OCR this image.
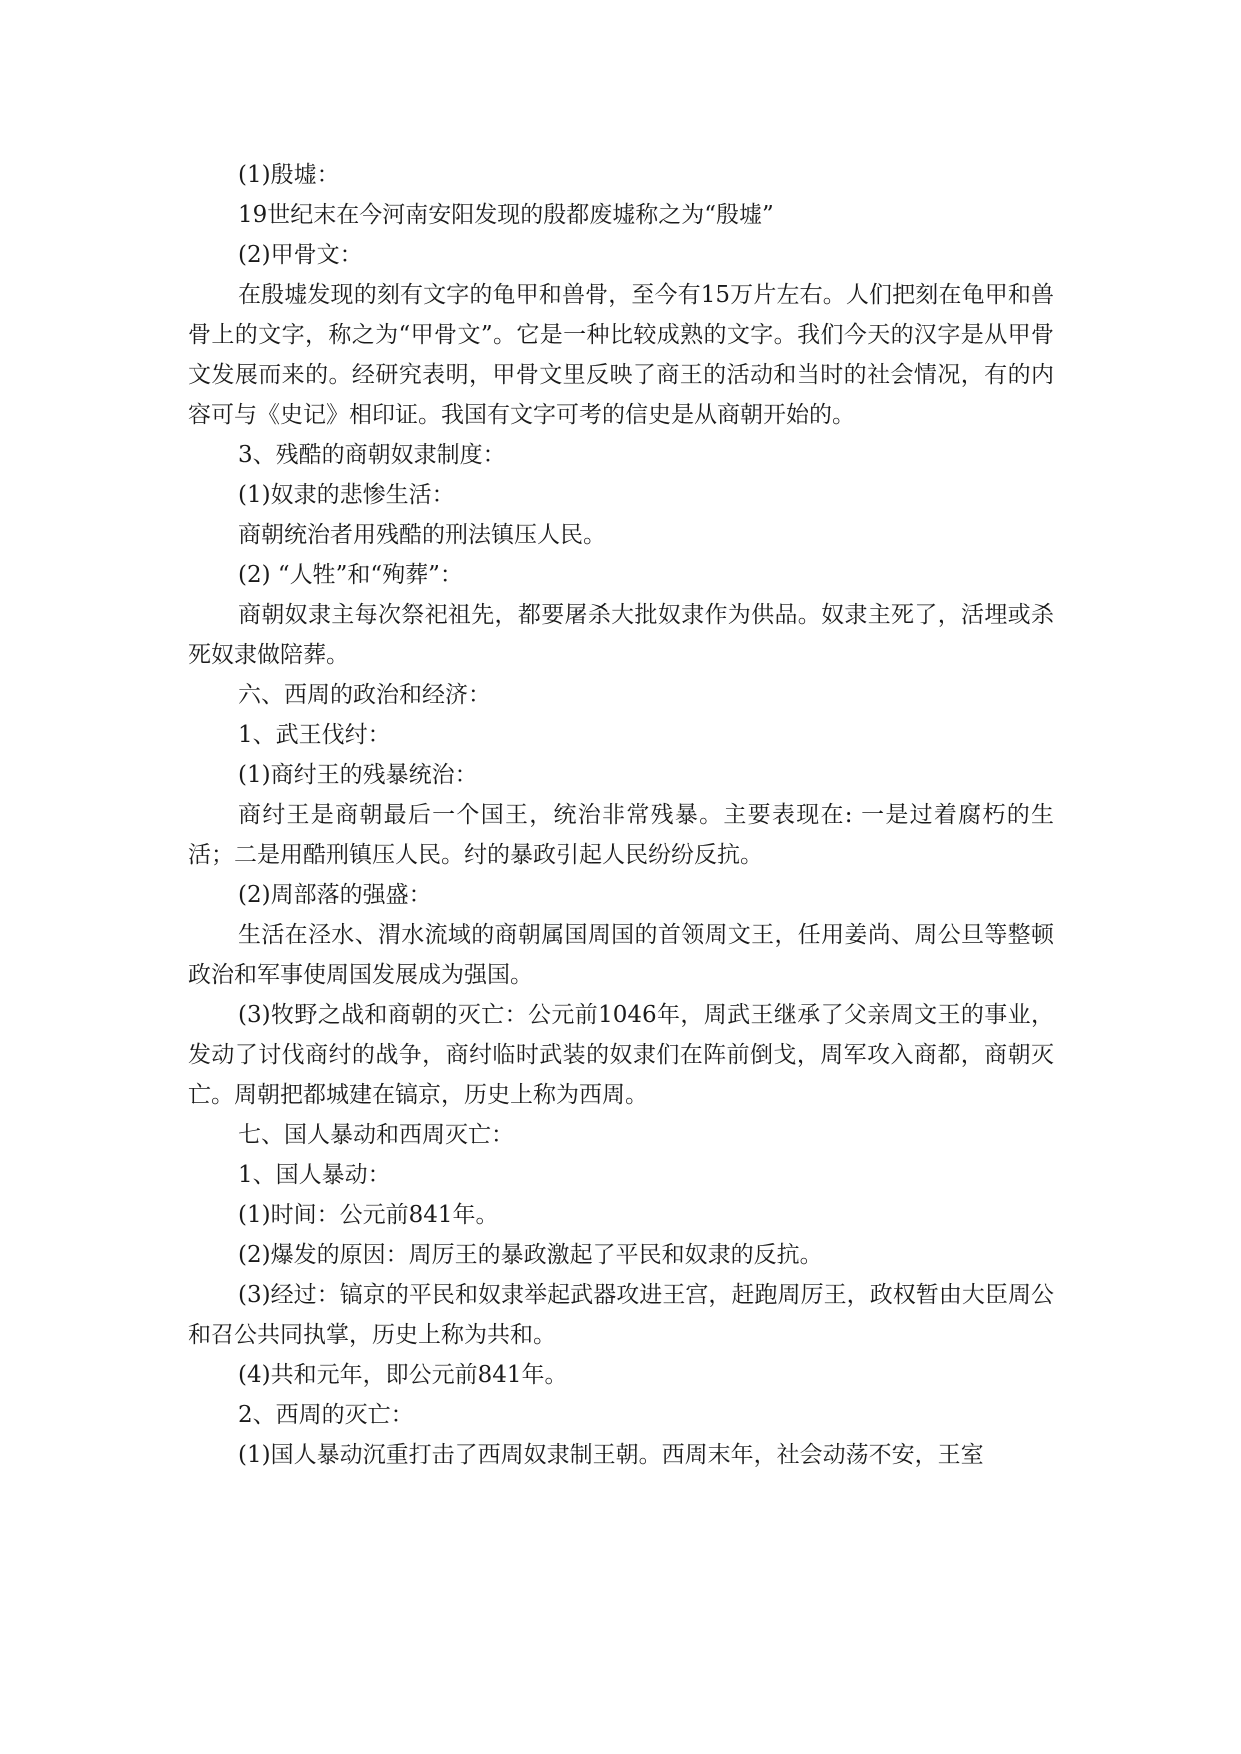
(1)殷墟：

19世纪末在今河南安阳发现的殷都废墟称之为“殷墟”

(2)甲骨文：

在殷墟发现的刻有文字的龟甲和兽骨，至今有15万片左右。人们把刻在龟甲和兽骨上的文字，称之为“甲骨文”。它是一种比较成熟的文字。我们今天的汉字是从甲骨文发展而来的。经研究表明，甲骨文里反映了商王的活动和当时的社会情况，有的内容可与《史记》相印证。我国有文字可考的信史是从商朝开始的。

3、残酷的商朝奴隶制度：

(1)奴隶的悲惨生活：

商朝统治者用残酷的刑法镇压人民。

(2) “人牲”和“殉葬”：

商朝奴隶主每次祭祀祖先，都要屠杀大批奴隶作为供品。奴隶主死了，活埋或杀死奴隶做陪葬。

六、西周的政治和经济：

1、武王伐纣：

(1)商纣王的残暴统治：

商纣王是商朝最后一个国王，统治非常残暴。主要表现在: 一是过着腐朽的生活；二是用酷刑镇压人民。纣的暴政引起人民纷纷反抗。

(2)周部落的强盛：

生活在泾水、渭水流域的商朝属国周国的首领周文王，任用姜尚、周公旦等整顿政治和军事使周国发展成为强国。

(3)牧野之战和商朝的灭亡：公元前1046年，周武王继承了父亲周文王的事业，发动了讨伐商纣的战争，商纣临时武装的奴隶们在阵前倒戈，周军攻入商都，商朝灭亡。周朝把都城建在镐京，历史上称为西周。

七、国人暴动和西周灭亡：

1、国人暴动：

(1)时间：公元前841年。

(2)爆发的原因：周厉王的暴政激起了平民和奴隶的反抗。

(3)经过：镐京的平民和奴隶举起武器攻进王宫，赶跑周厉王，政权暂由大臣周公和召公共同执掌，历史上称为共和。

(4)共和元年，即公元前841年。

2、西周的灭亡：

(1)国人暴动沉重打击了西周奴隶制王朝。西周末年，社会动荡不安，王室
